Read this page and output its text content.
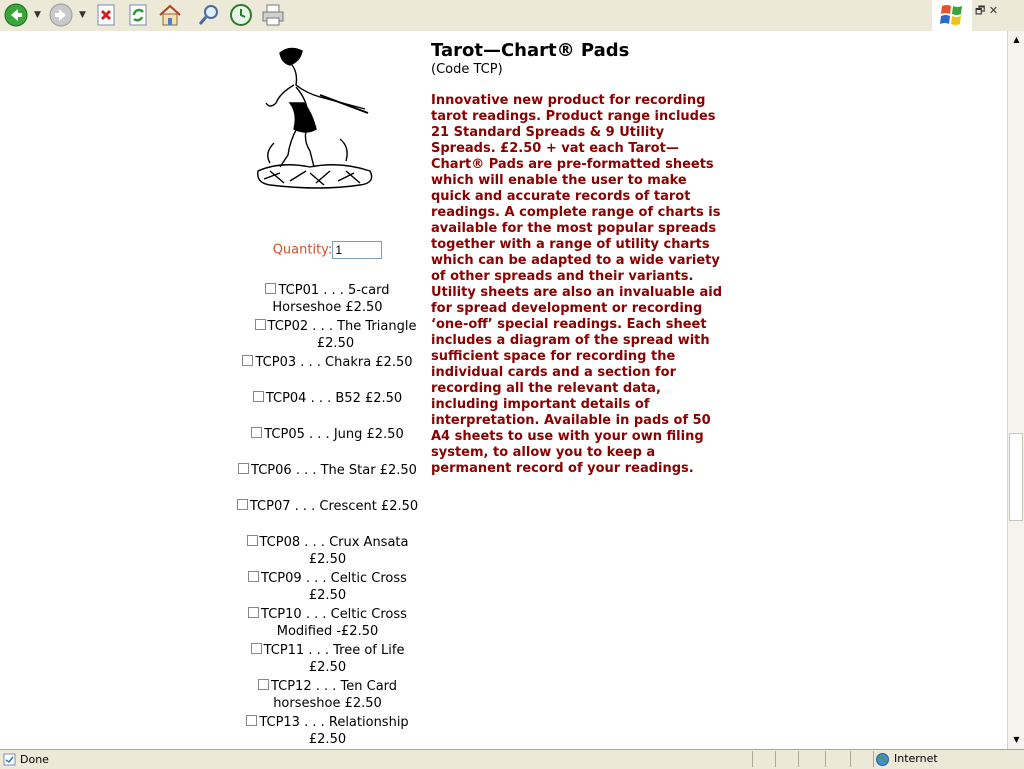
▼	▼	🗗 ✕
Quantity:1
TCP01 . . . 5-card Horseshoe £2.50
TCP02 . . . The Triangle £2.50
TCP03 . . . Chakra £2.50
TCP04 . . . B52 £2.50
TCP05 . . . Jung £2.50
TCP06 . . . The Star £2.50
TCP07 . . . Crescent £2.50
TCP08 . . . Crux Ansata £2.50
TCP09 . . . Celtic Cross £2.50
TCP10 . . . Celtic Cross Modified -£2.50
TCP11 . . . Tree of Life £2.50
TCP12 . . . Ten Card horseshoe £2.50
TCP13 . . . Relationship £2.50
Tarot—Chart® Pads
(Code TCP)
Innovative new product for recording tarot readings. Product range includes 21 Standard Spreads & 9 Utility Spreads. £2.50 + vat each Tarot—Chart® Pads are pre-formatted sheets which will enable the user to make quick and accurate records of tarot readings. A complete range of charts is available for the most popular spreads together with a range of utility charts which can be adapted to a wide variety of other spreads and their variants. Utility sheets are also an invaluable aid for spread development or recording ‘one-off’ special readings. Each sheet includes a diagram of the spread with sufficient space for recording the individual cards and a section for recording all the relevant data, including important details of interpretation. Available in pads of 50 A4 sheets to use with your own filing system, to allow you to keep a permanent record of your readings.
▲
▼
Done	Internet
